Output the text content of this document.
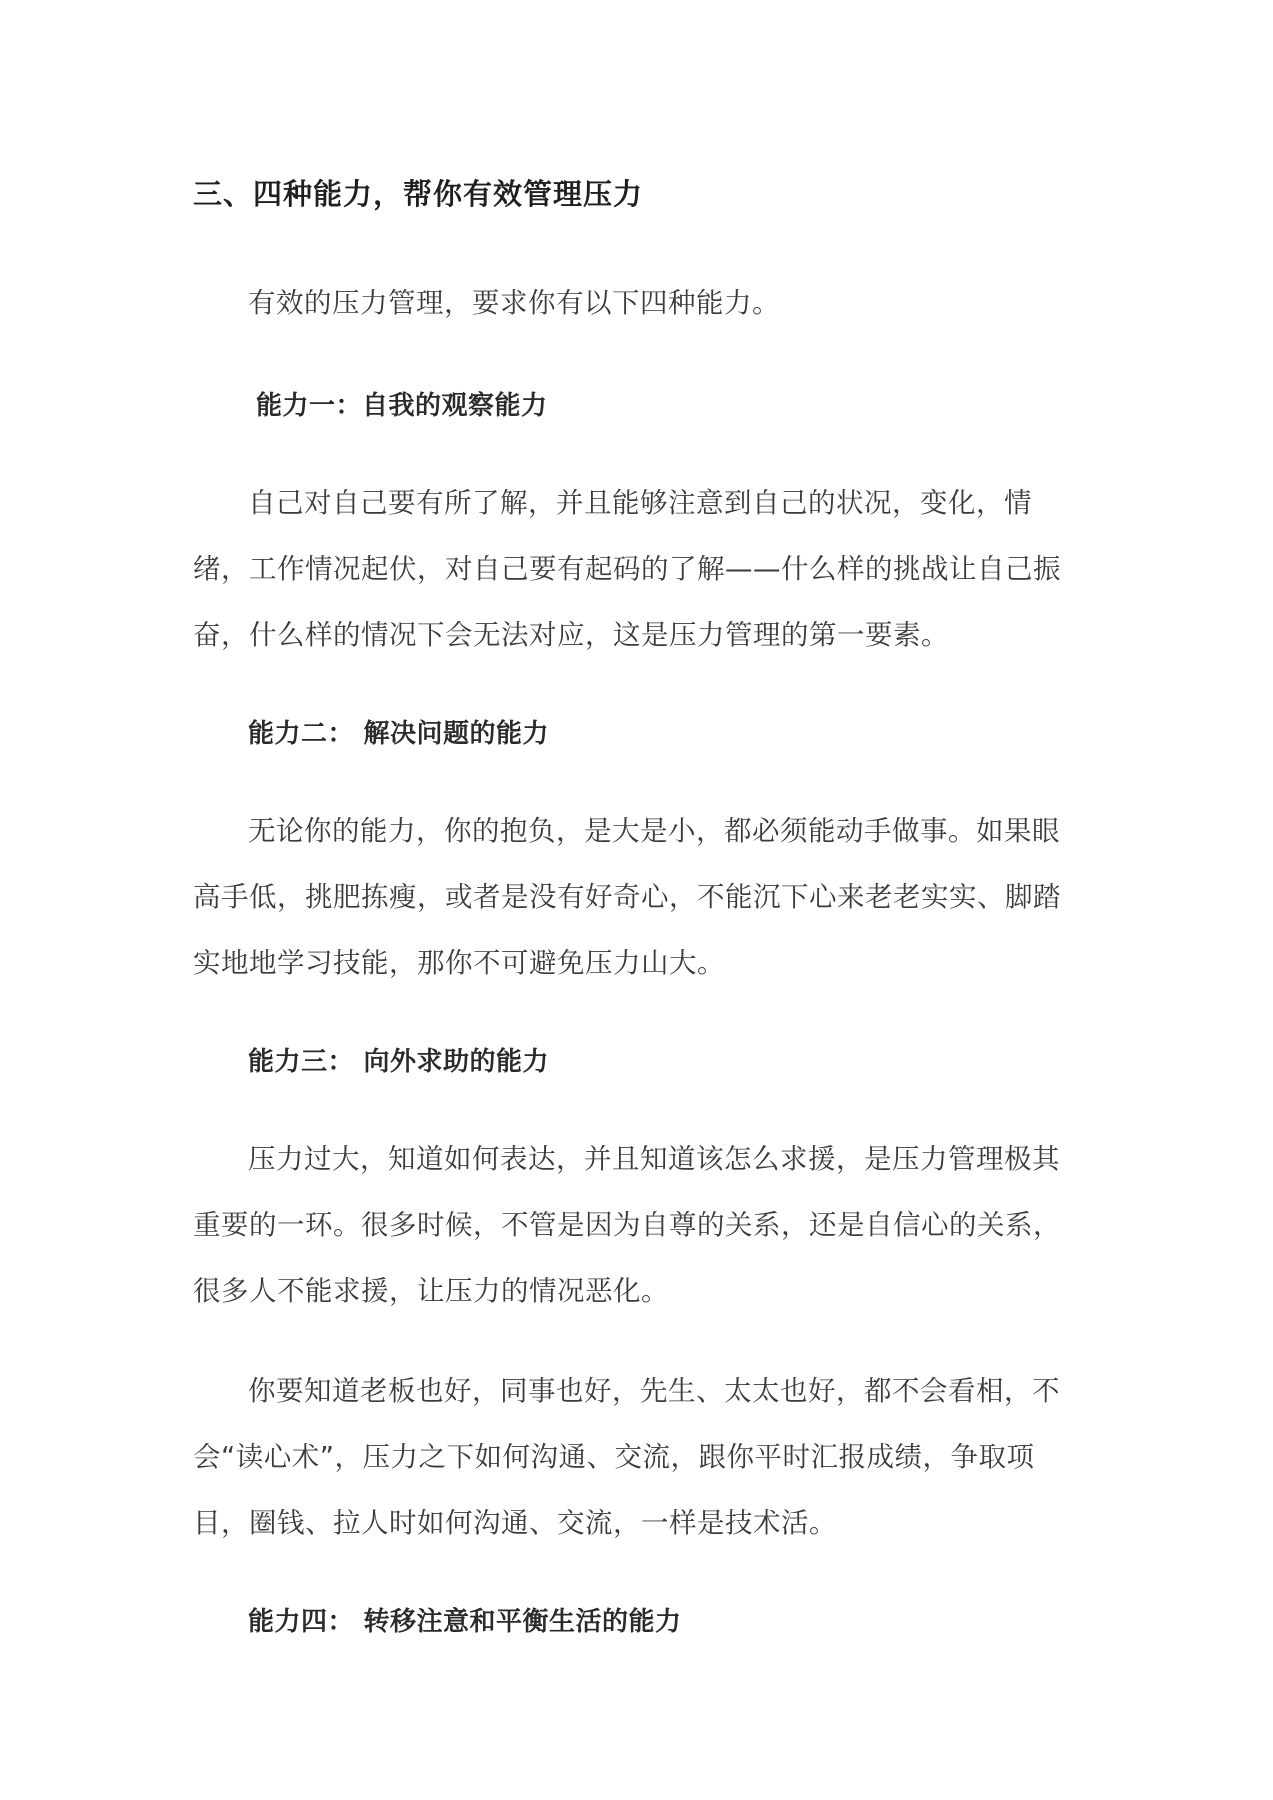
三、四种能力，帮你有效管理压力

有效的压力管理，要求你有以下四种能力。

能力一：自我的观察能力

自己对自己要有所了解，并且能够注意到自己的状况，变化，情绪，工作情况起伏，对自己要有起码的了解——什么样的挑战让自己振奋，什么样的情况下会无法对应，这是压力管理的第一要素。

能力二： 解决问题的能力

无论你的能力，你的抱负，是大是小，都必须能动手做事。如果眼高手低，挑肥拣瘦，或者是没有好奇心，不能沉下心来老老实实、脚踏实地地学习技能，那你不可避免压力山大。

能力三： 向外求助的能力

压力过大，知道如何表达，并且知道该怎么求援，是压力管理极其重要的一环。很多时候，不管是因为自尊的关系，还是自信心的关系，很多人不能求援，让压力的情况恶化。

你要知道老板也好，同事也好，先生、太太也好，都不会看相，不会“读心术”，压力之下如何沟通、交流，跟你平时汇报成绩，争取项目，圈钱、拉人时如何沟通、交流，一样是技术活。

能力四： 转移注意和平衡生活的能力
